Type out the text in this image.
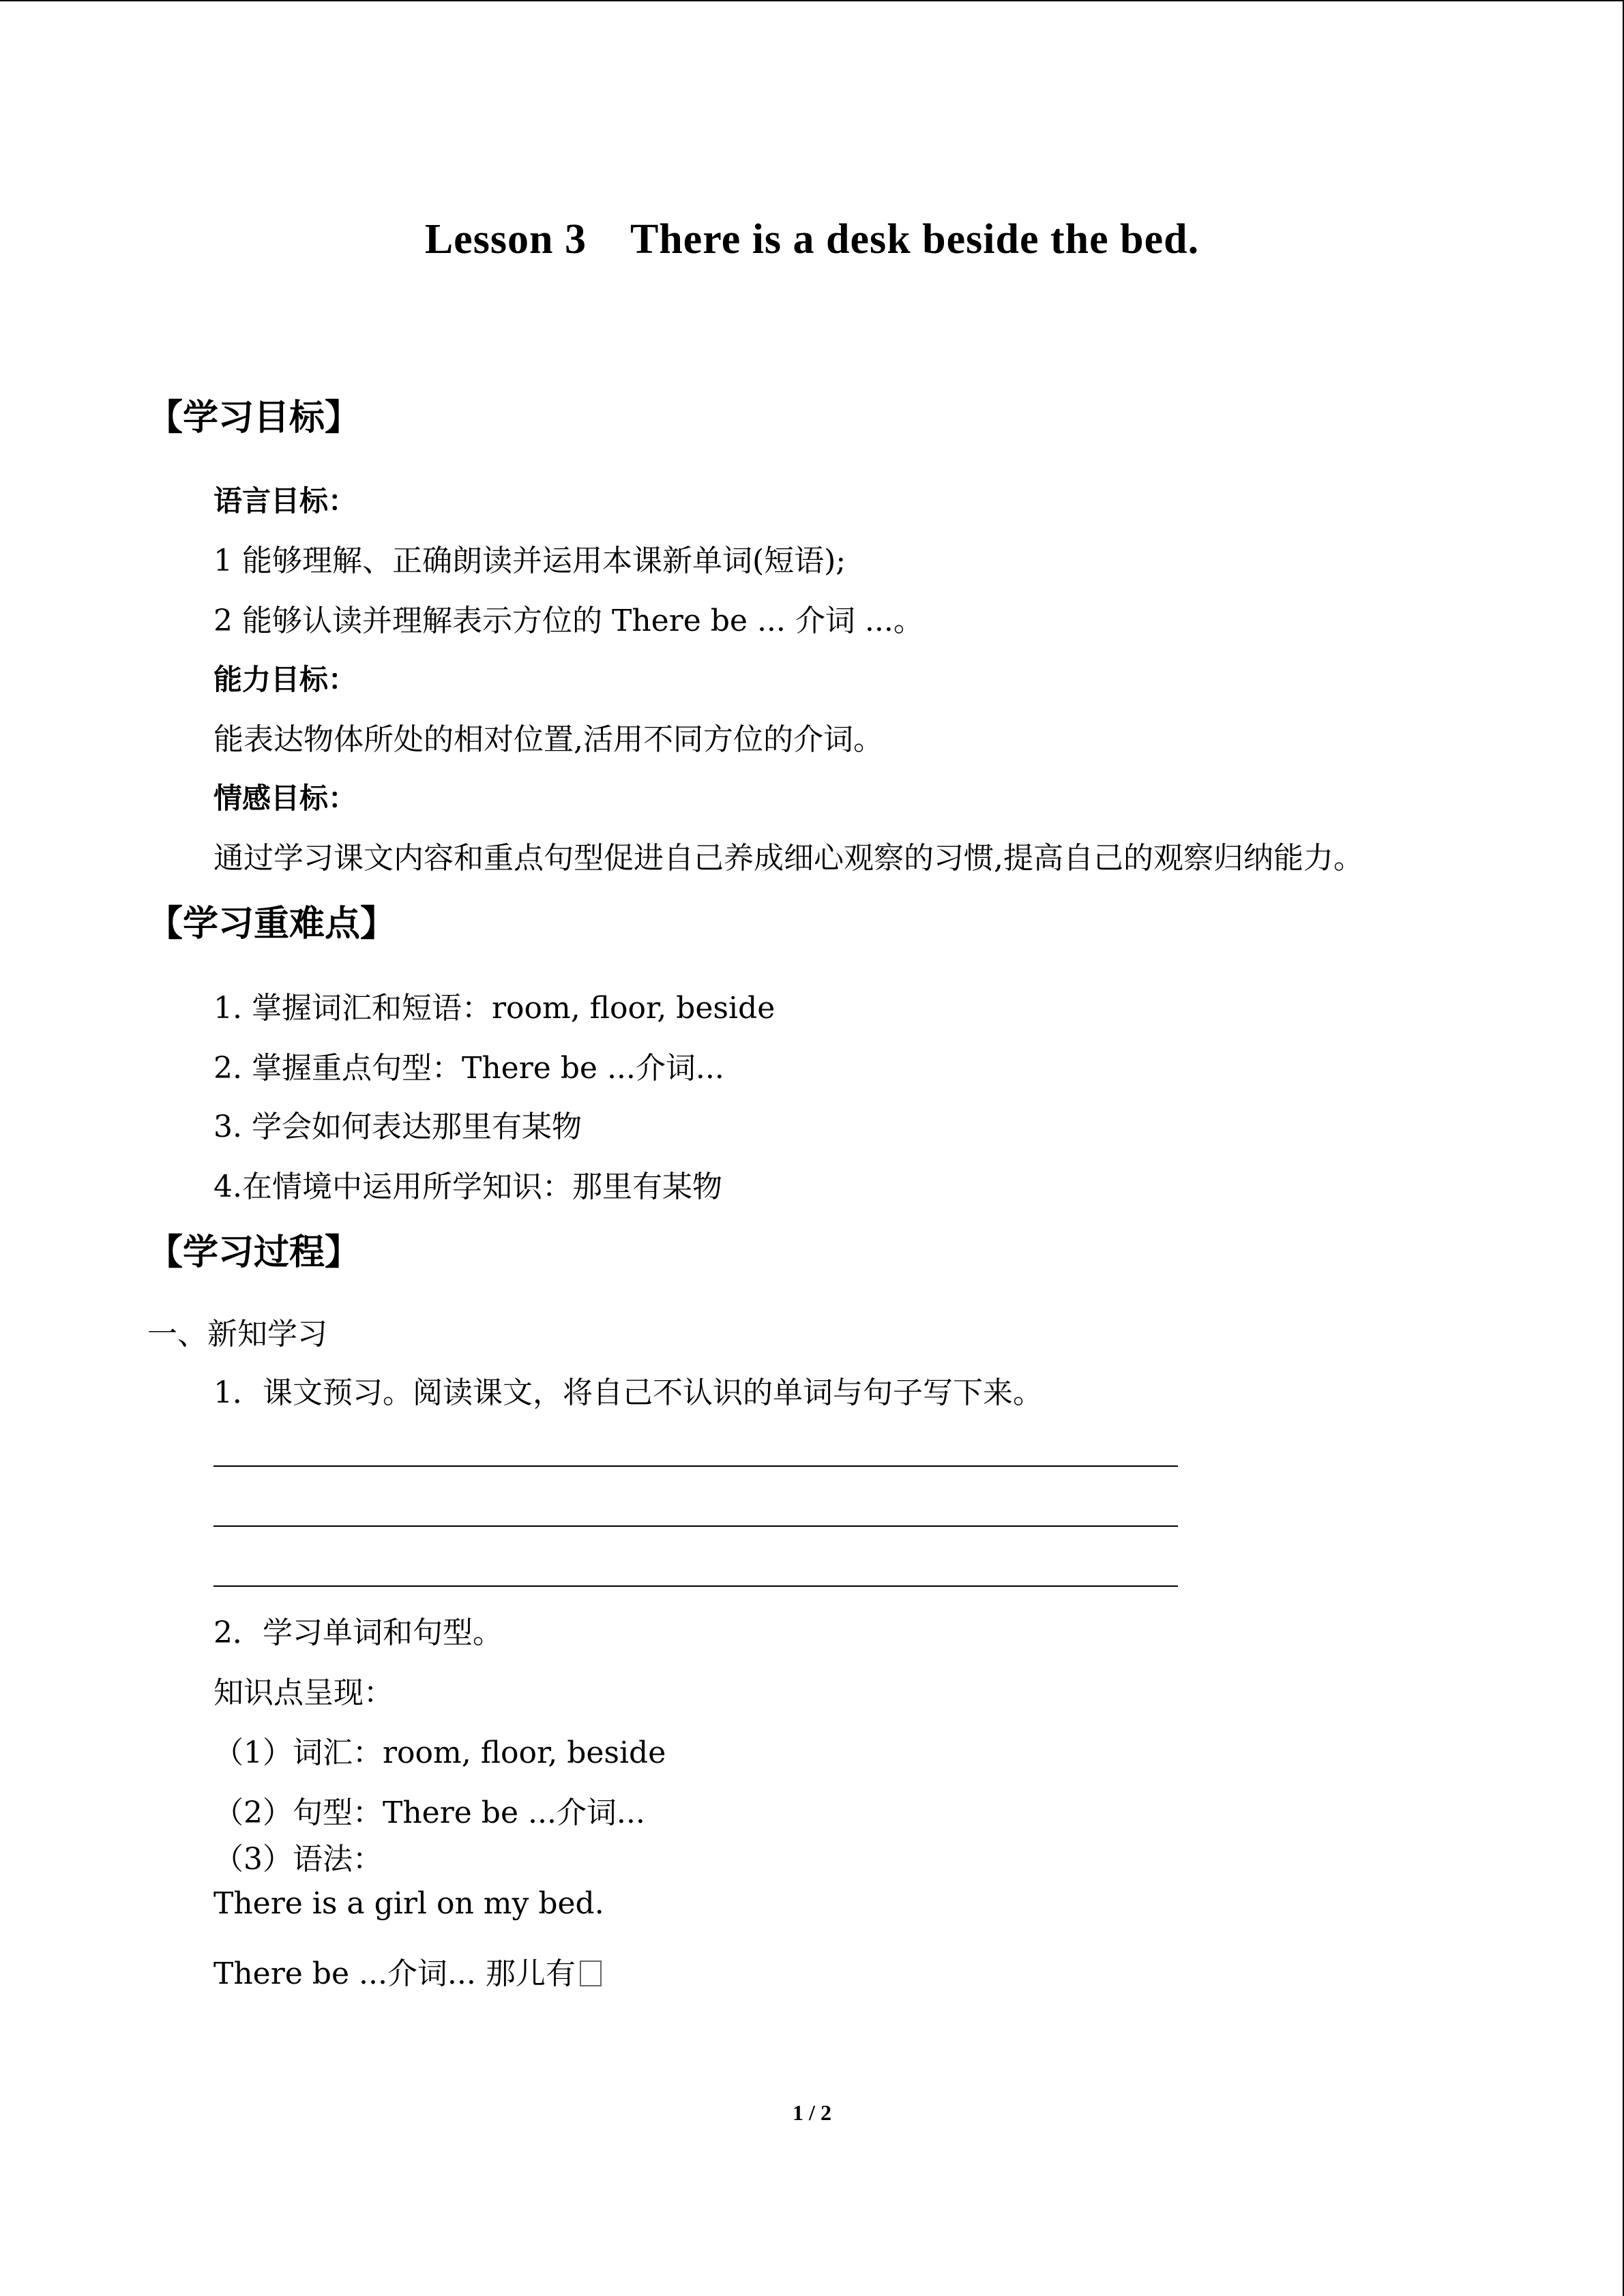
Lesson 3 There is a desk beside the bed.
【学习目标】
语言目标：
1 能够理解、正确朗读并运用本课新单词(短语);
2 能够认读并理解表示方位的 There be ... 介词 ...。
能力目标：
能表达物体所处的相对位置,活用不同方位的介词。
情感目标：
通过学习课文内容和重点句型促进自己养成细心观察的习惯,提高自己的观察归纳能力。
【学习重难点】
1. 掌握词汇和短语：room, floor, beside
2. 掌握重点句型：There be ...介词...
3. 学会如何表达那里有某物
4.在情境中运用所学知识：那里有某物
【学习过程】
一、新知学习
1．课文预习。阅读课文，将自己不认识的单词与句子写下来。
2．学习单词和句型。
知识点呈现：
（1）词汇：room, floor, beside
（2）句型：There be ...介词...
（3）语法：
There is a girl on my bed.
There be ...介词... 那儿有
1 / 2
